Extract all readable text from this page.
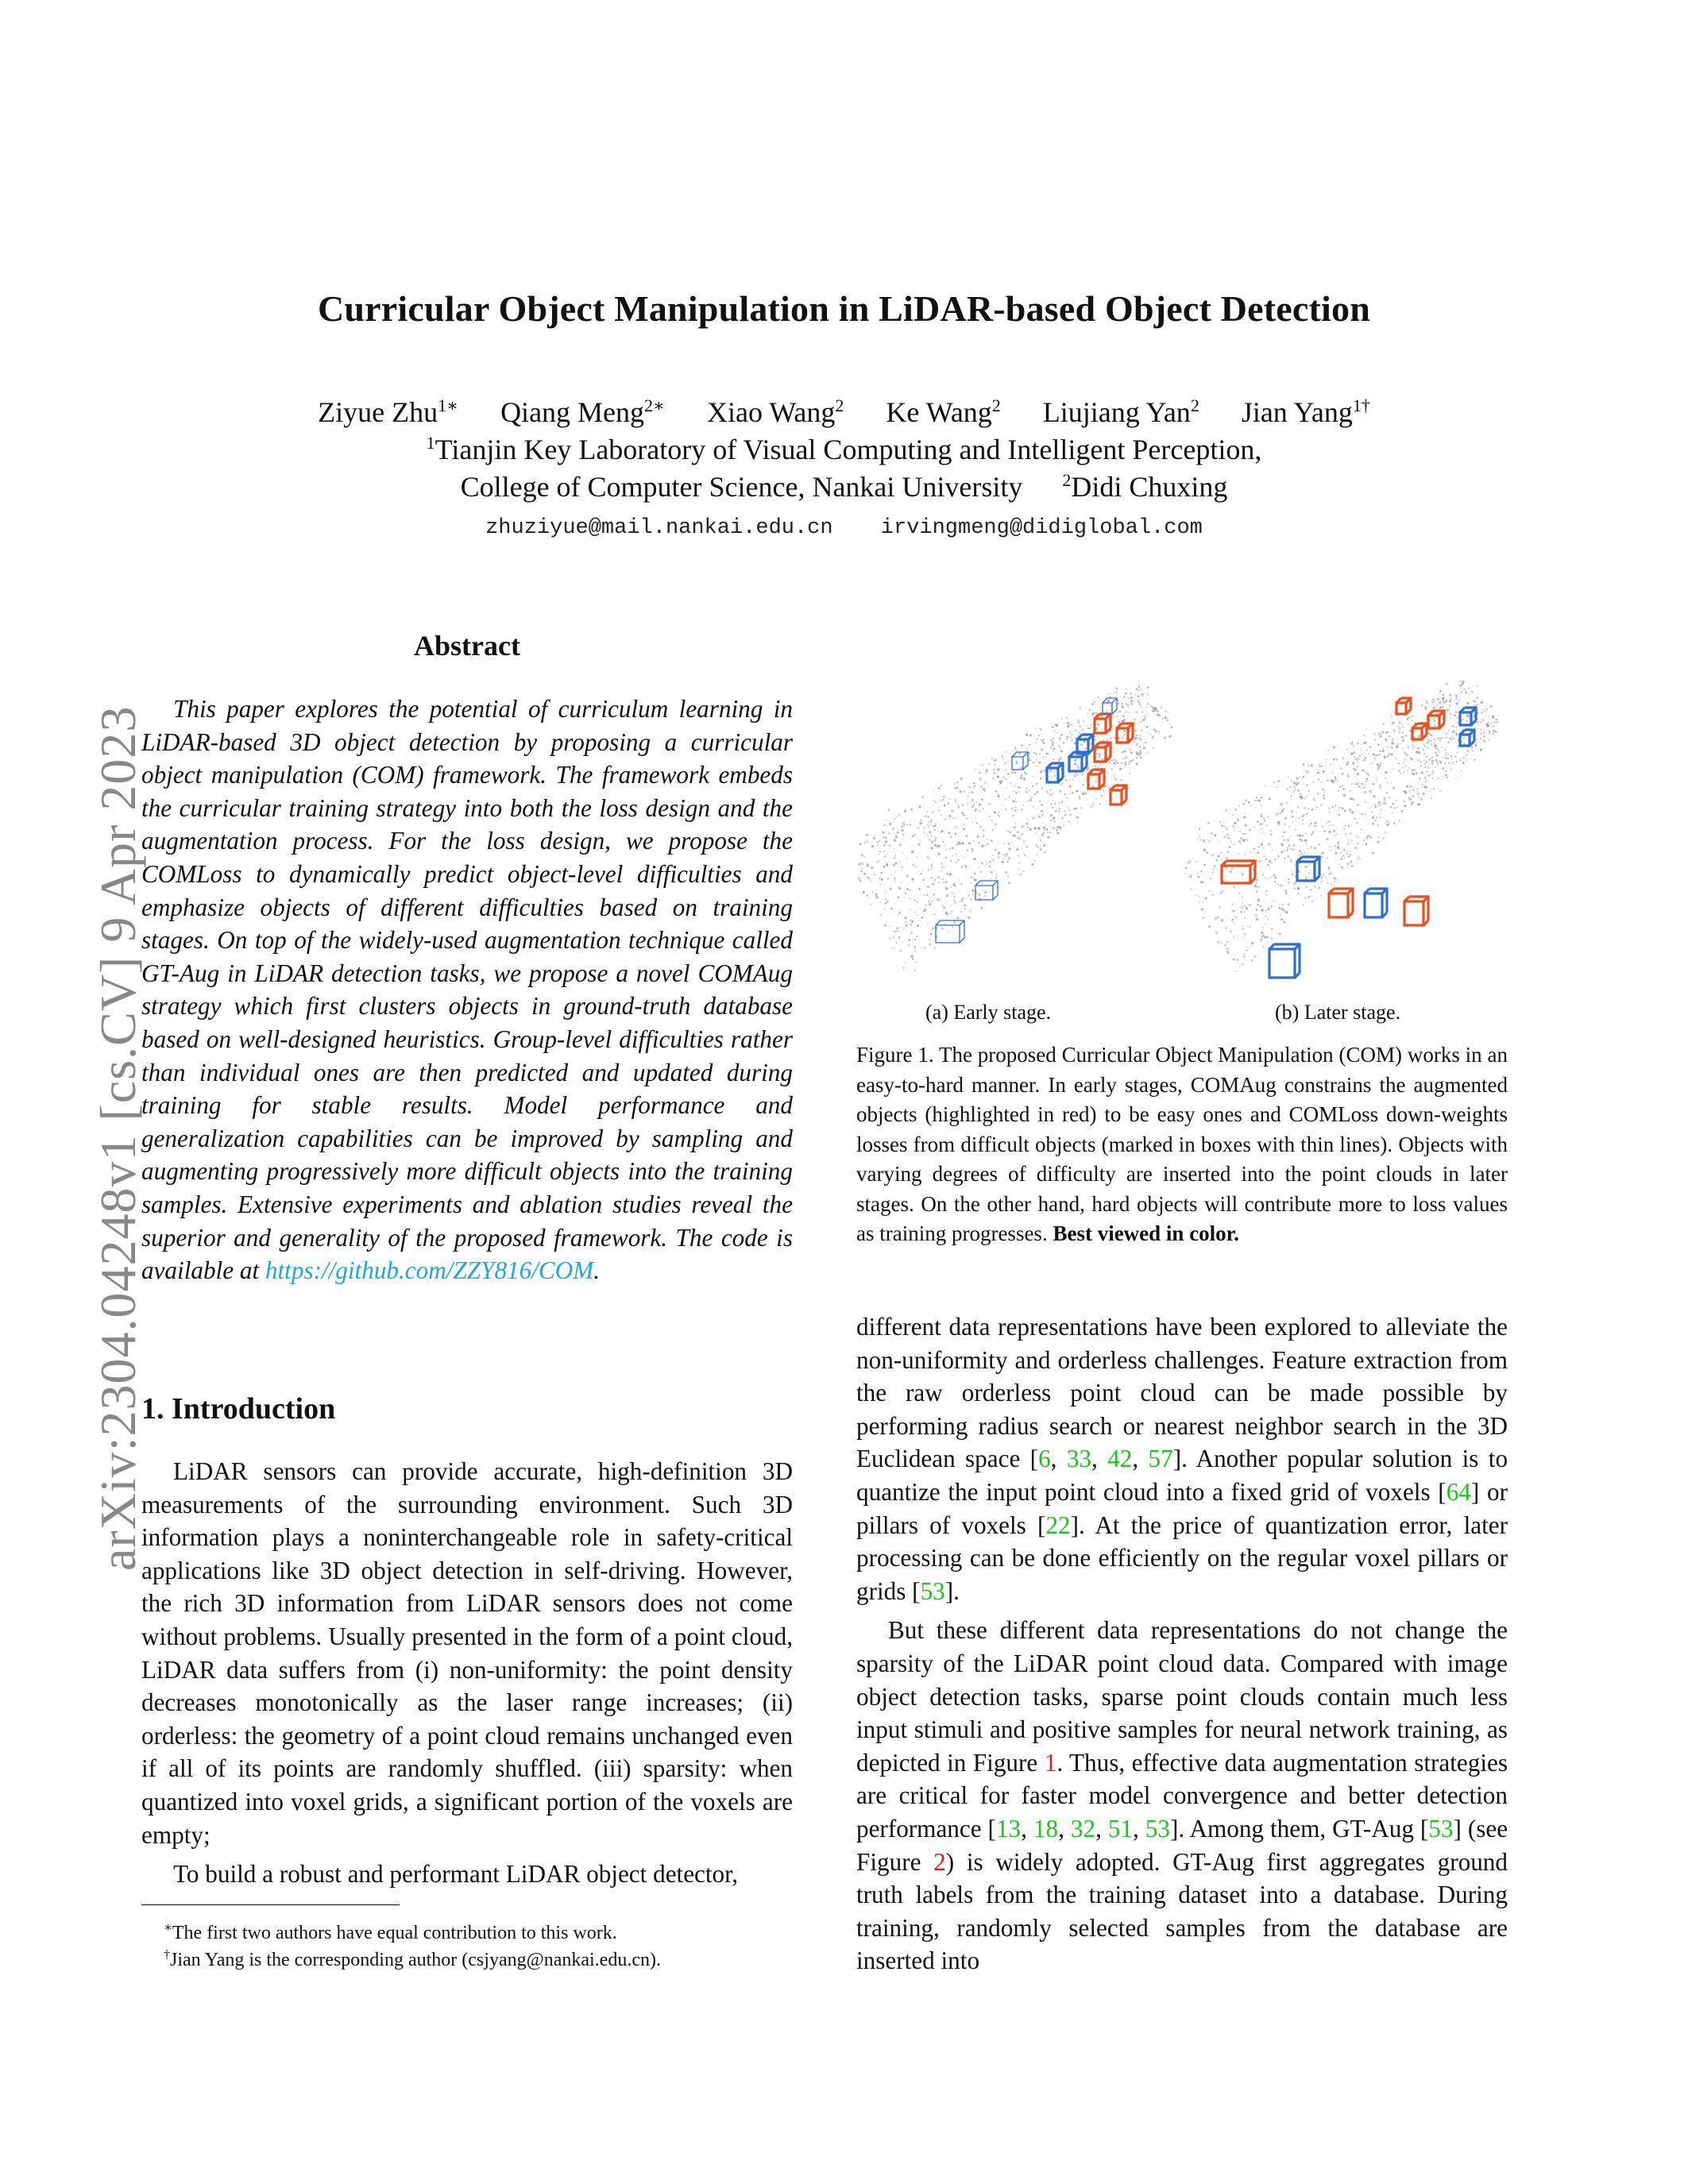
Curricular Object Manipulation in LiDAR-based Object Detection
Ziyue Zhu$^{1∗}$ Qiang Meng$^{2∗}$ Xiao Wang$^2$ Ke Wang$^2$ Liujiang Yan$^2$ Jian Yang$^{1\dagger}$
$^1$Tianjin Key Laboratory of Visual Computing and Intelligent Perception,
College of Computer Science, Nankai University $^2$Didi Chuxing
zhuziyue@mail.nankai.edu.cn irvingmeng@didiglobal.com
arXiv:2304.04248v1 [cs.CV] 9 Apr 2023
Abstract
This paper explores the potential of curriculum learning in LiDAR-based 3D object detection by proposing a curricular object manipulation (COM) framework. The framework embeds the curricular training strategy into both the loss design and the augmentation process. For the loss design, we propose the COMLoss to dynamically predict object-level difficulties and emphasize objects of different difficulties based on training stages. On top of the widely-used augmentation technique called GT-Aug in LiDAR detection tasks, we propose a novel COMAug strategy which first clusters objects in ground-truth database based on well-designed heuristics. Group-level difficulties rather than individual ones are then predicted and updated during training for stable results. Model performance and generalization capabilities can be improved by sampling and augmenting progressively more difficult objects into the training samples. Extensive experiments and ablation studies reveal the superior and generality of the proposed framework. The code is available at https://github.com/ZZY816/COM.
1. Introduction

LiDAR sensors can provide accurate, high-definition 3D measurements of the surrounding environment. Such 3D information plays a noninterchangeable role in safety-critical applications like 3D object detection in self-driving. However, the rich 3D information from LiDAR sensors does not come without problems. Usually presented in the form of a point cloud, LiDAR data suffers from (i) non-uniformity: the point density decreases monotonically as the laser range increases; (ii) orderless: the geometry of a point cloud remains unchanged even if all of its points are randomly shuffled. (iii) sparsity: when quantized into voxel grids, a significant portion of the voxels are empty;

To build a robust and performant LiDAR object detector,

∗The first two authors have equal contribution to this work.
†Jian Yang is the corresponding author (csjyang@nankai.edu.cn).
(a) Early stage.	(b) Later stage.
Figure 1. The proposed Curricular Object Manipulation (COM) works in an easy-to-hard manner. In early stages, COMAug constrains the augmented objects (highlighted in red) to be easy ones and COMLoss down-weights losses from difficult objects (marked in boxes with thin lines). Objects with varying degrees of difficulty are inserted into the point clouds in later stages. On the other hand, hard objects will contribute more to loss values as training progresses. Best viewed in color.

different data representations have been explored to alleviate the non-uniformity and orderless challenges. Feature extraction from the raw orderless point cloud can be made possible by performing radius search or nearest neighbor search in the 3D Euclidean space [6, 33, 42, 57]. Another popular solution is to quantize the input point cloud into a fixed grid of voxels [64] or pillars of voxels [22]. At the price of quantization error, later processing can be done efficiently on the regular voxel pillars or grids [53].

But these different data representations do not change the sparsity of the LiDAR point cloud data. Compared with image object detection tasks, sparse point clouds contain much less input stimuli and positive samples for neural network training, as depicted in Figure 1. Thus, effective data augmentation strategies are critical for faster model convergence and better detection performance [13, 18, 32, 51, 53]. Among them, GT-Aug [53] (see Figure 2) is widely adopted. GT-Aug first aggregates ground truth labels from the training dataset into a database. During training, randomly selected samples from the database are inserted into
